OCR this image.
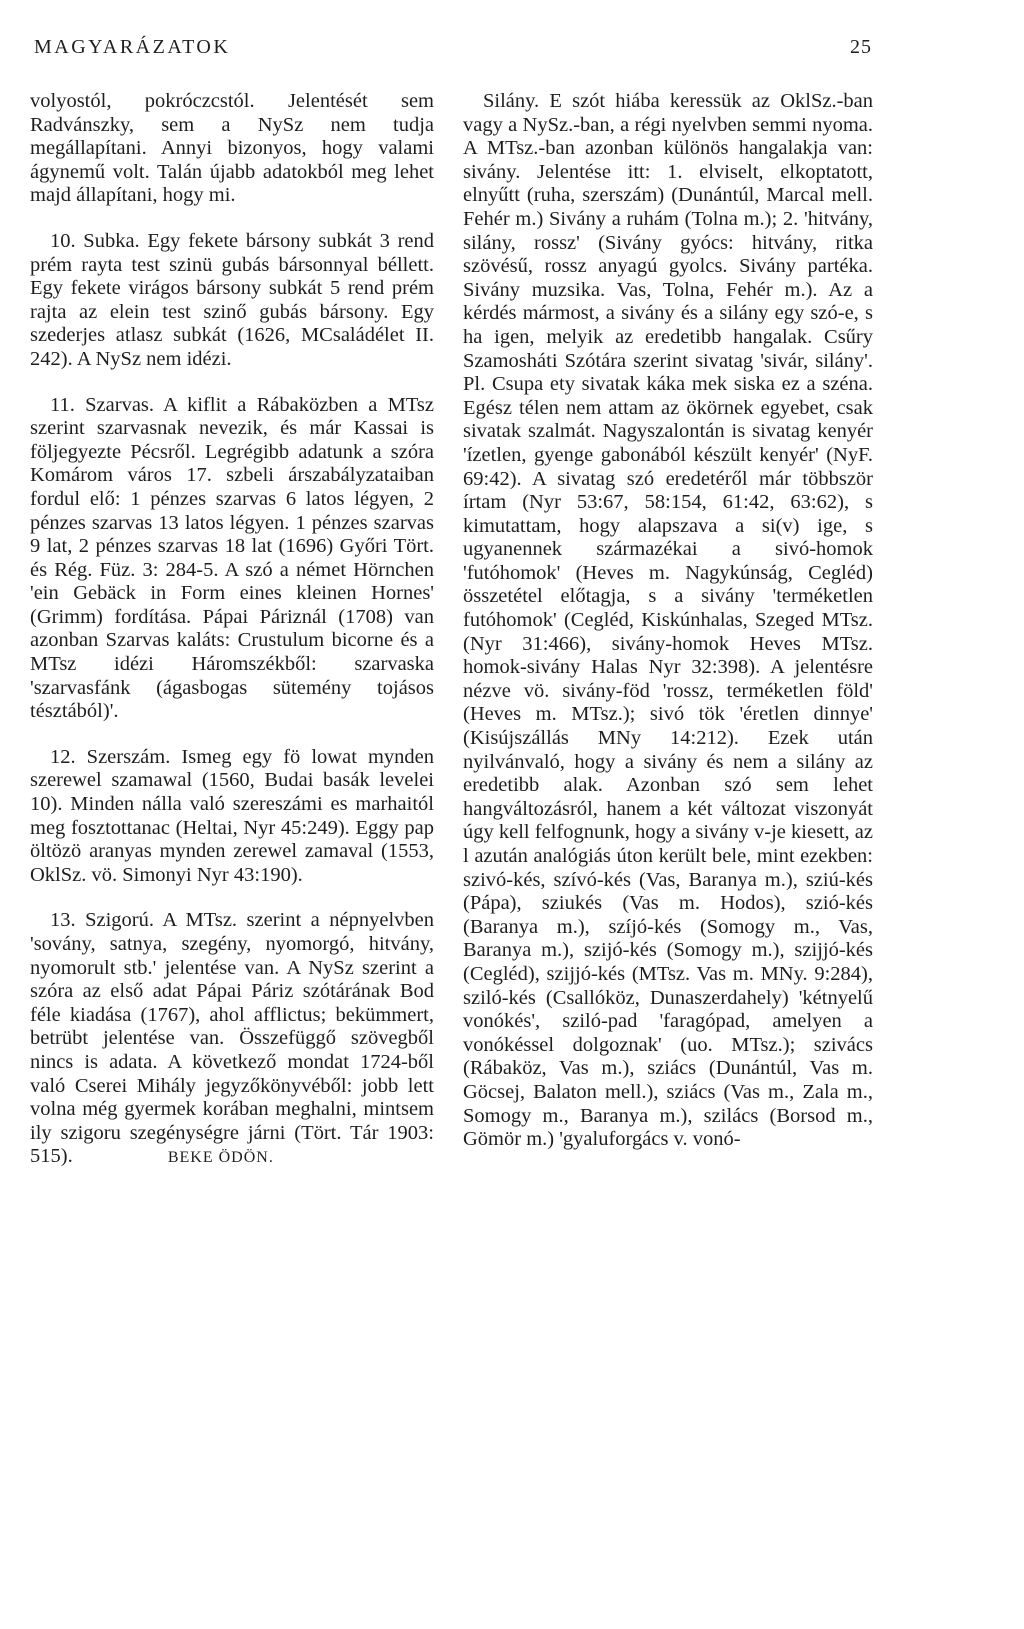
MAGYARÁZATOK	25

volyostól, pokróczcstól. Jelentését sem Radvánszky, sem a NySz nem tudja megállapítani. Annyi bizonyos, hogy valami ágynemű volt. Talán újabb adatokból meg lehet majd állapítani, hogy mi.

10. Subka. Egy fekete bársony subkát 3 rend prém rayta test szinü gubás bársonnyal béllett. Egy fekete virágos bársony subkát 5 rend prém rajta az elein test szinő gubás bársony. Egy szederjes atlasz subkát (1626, MCsaládélet II. 242). A NySz nem idézi.

11. Szarvas. A kiflit a Rábaközben a MTsz szerint szarvasnak nevezik, és már Kassai is följegyezte Pécsről. Legrégibb adatunk a szóra Komárom város 17. szbeli árszabályzataiban fordul elő: 1 pénzes szarvas 6 latos légyen, 2 pénzes szarvas 13 latos légyen. 1 pénzes szarvas 9 lat, 2 pénzes szarvas 18 lat (1696) Győri Tört. és Rég. Füz. 3: 284-5. A szó a német Hörnchen 'ein Gebäck in Form eines kleinen Hornes' (Grimm) fordítása. Pápai Páriznál (1708) van azonban Szarvas kaláts: Crustulum bicorne és a MTsz idézi Háromszékből: szarvaska 'szarvasfánk (ágasbogas sütemény tojásos tésztából)'.

12. Szerszám. Ismeg egy fö lowat mynden szerewel szamawal (1560, Budai basák levelei 10). Minden nálla való szereszámi es marhaitól meg fosztottanac (Heltai, Nyr 45:249). Eggy pap öltözö aranyas mynden zerewel zamaval (1553, OklSz. vö. Simonyi Nyr 43:190).

13. Szigorú. A MTsz. szerint a népnyelvben 'sovány, satnya, szegény, nyomorgó, hitvány, nyomorult stb.' jelentése van. A NySz szerint a szóra az első adat Pápai Páriz szótárának Bod féle kiadása (1767), ahol afflictus; bekümmert, betrübt jelentése van. Összefüggő szövegből nincs is adata. A következő mondat 1724-ből való Cserei Mihály jegyzőkönyvéből: jobb lett volna még gyermek korában meghalni, mintsem ily szigoru szegénységre járni (Tört. Tár 1903: 515).	BEKE ÖDÖN.

Silány. E szót hiába keressük az OklSz.-ban vagy a NySz.-ban, a régi nyelvben semmi nyoma. A MTsz.-ban azonban különös hangalakja van: sivány. Jelentése itt: 1. elviselt, elkoptatott, elnyűtt (ruha, szerszám) (Dunántúl, Marcal mell. Fehér m.) Sivány a ruhám (Tolna m.); 2. 'hitvány, silány, rossz' (Sivány gyócs: hitvány, ritka szövésű, rossz anyagú gyolcs. Sivány partéka. Sivány muzsika. Vas, Tolna, Fehér m.). Az a kérdés mármost, a sivány és a silány egy szó-e, s ha igen, melyik az eredetibb hangalak. Csűry Szamosháti Szótára szerint sivatag 'sivár, silány'. Pl. Csupa ety sivatak káka mek siska ez a széna. Egész télen nem attam az ökörnek egyebet, csak sivatak szalmát. Nagyszalontán is sivatag kenyér 'ízetlen, gyenge gabonából készült kenyér' (NyF. 69:42). A sivatag szó eredetéről már többször írtam (Nyr 53:67, 58:154, 61:42, 63:62), s kimutattam, hogy alapszava a si(v) ige, s ugyanennek származékai a sivó-homok 'futóhomok' (Heves m. Nagykúnság, Cegléd) összetétel előtagja, s a sivány 'terméketlen futóhomok' (Cegléd, Kiskúnhalas, Szeged MTsz. (Nyr 31:466), sivány-homok Heves MTsz. homok-sivány Halas Nyr 32:398). A jelentésre nézve vö. sivány-föd 'rossz, terméketlen föld' (Heves m. MTsz.); sivó tök 'éretlen dinnye' (Kisújszállás MNy 14:212). Ezek után nyilvánvaló, hogy a sivány és nem a silány az eredetibb alak. Azonban szó sem lehet hangváltozásról, hanem a két változat viszonyát úgy kell felfognunk, hogy a sivány v-je kiesett, az l azután analógiás úton került bele, mint ezekben: szivó-kés, szívó-kés (Vas, Baranya m.), sziú-kés (Pápa), sziukés (Vas m. Hodos), szió-kés (Baranya m.), szíjó-kés (Somogy m., Vas, Baranya m.), szijó-kés (Somogy m.), szijjó-kés (Cegléd), szijjó-kés (MTsz. Vas m. MNy. 9:284), sziló-kés (Csallóköz, Dunaszerdahely) 'kétnyelű vonókés', sziló-pad 'faragópad, amelyen a vonókéssel dolgoznak' (uo. MTsz.); szivács (Rábaköz, Vas m.), sziács (Dunántúl, Vas m. Göcsej, Balaton mell.), sziács (Vas m., Zala m., Somogy m., Baranya m.), szilács (Borsod m., Gömör m.) 'gyaluforgács v. vonó-
